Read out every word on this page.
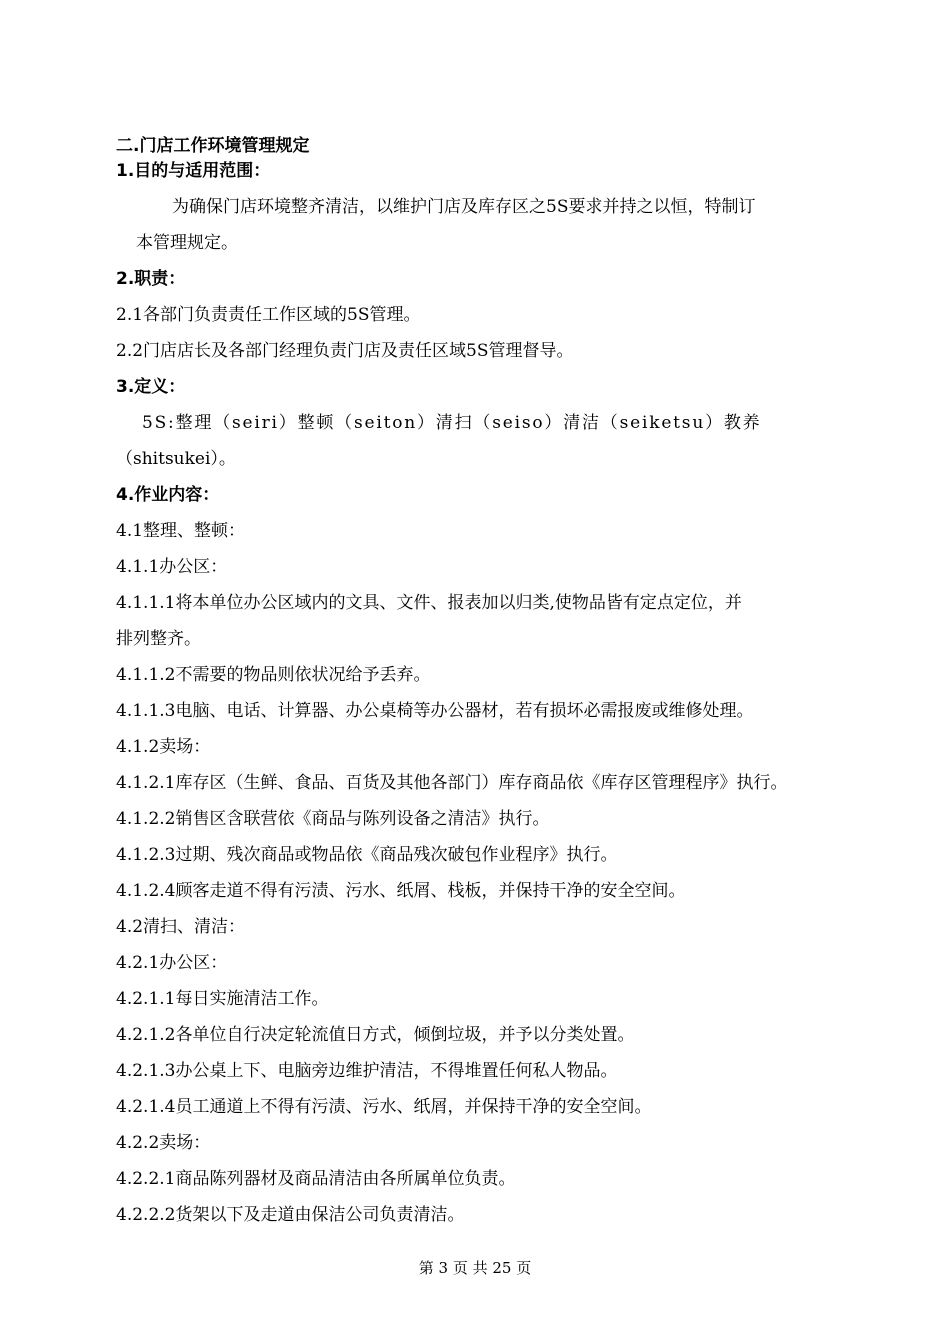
二.门店工作环境管理规定
1.目的与适用范围：
为确保门店环境整齐清洁，以维护门店及库存区之5S要求并持之以恒，特制订
本管理规定。
2.职责：
2.1各部门负责责任工作区域的5S管理。
2.2门店店长及各部门经理负责门店及责任区域5S管理督导。
3.定义：
5S:整理（seiri）整顿（seiton）清扫（seiso）清洁（seiketsu）教养
（shitsukei）。
4.作业内容：
4.1整理、整顿：
4.1.1办公区：
4.1.1.1将本单位办公区域内的文具、文件、报表加以归类,使物品皆有定点定位，并
排列整齐。
4.1.1.2不需要的物品则依状况给予丢弃。
4.1.1.3电脑、电话、计算器、办公桌椅等办公器材，若有损坏必需报废或维修处理。
4.1.2卖场：
4.1.2.1库存区（生鲜、食品、百货及其他各部门）库存商品依《库存区管理程序》执行。
4.1.2.2销售区含联营依《商品与陈列设备之清洁》执行。
4.1.2.3过期、残次商品或物品依《商品残次破包作业程序》执行。
4.1.2.4顾客走道不得有污渍、污水、纸屑、栈板，并保持干净的安全空间。
4.2清扫、清洁：
4.2.1办公区：
4.2.1.1每日实施清洁工作。
4.2.1.2各单位自行决定轮流值日方式，倾倒垃圾，并予以分类处置。
4.2.1.3办公桌上下、电脑旁边维护清洁，不得堆置任何私人物品。
4.2.1.4员工通道上不得有污渍、污水、纸屑，并保持干净的安全空间。
4.2.2卖场：
4.2.2.1商品陈列器材及商品清洁由各所属单位负责。
4.2.2.2货架以下及走道由保洁公司负责清洁。
第 3 页 共 25 页
